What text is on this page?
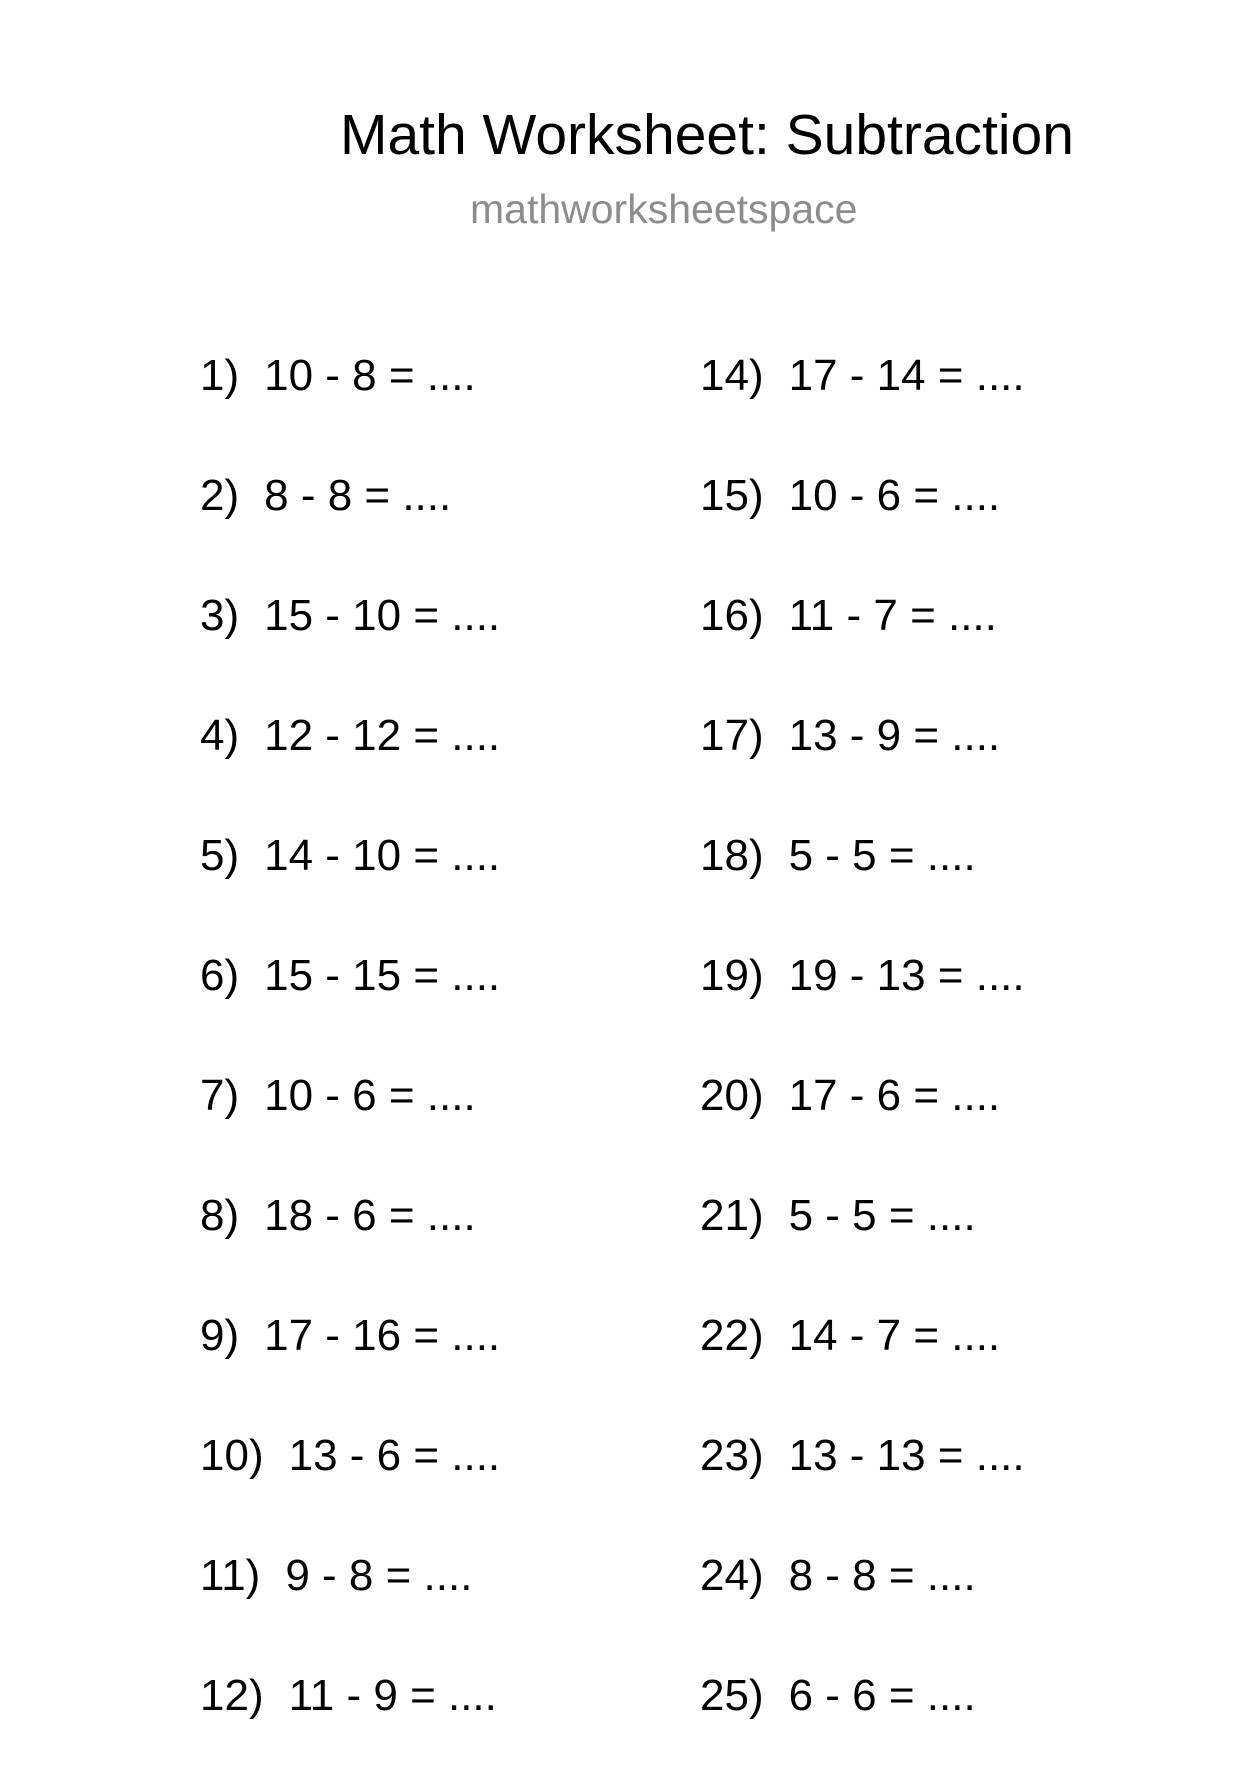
Math Worksheet: Subtraction
mathworksheetspace
1) 10 - 8 = ....
2) 8 - 8 = ....
3) 15 - 10 = ....
4) 12 - 12 = ....
5) 14 - 10 = ....
6) 15 - 15 = ....
7) 10 - 6 = ....
8) 18 - 6 = ....
9) 17 - 16 = ....
10) 13 - 6 = ....
11) 9 - 8 = ....
12) 11 - 9 = ....
14) 17 - 14 = ....
15) 10 - 6 = ....
16) 11 - 7 = ....
17) 13 - 9 = ....
18) 5 - 5 = ....
19) 19 - 13 = ....
20) 17 - 6 = ....
21) 5 - 5 = ....
22) 14 - 7 = ....
23) 13 - 13 = ....
24) 8 - 8 = ....
25) 6 - 6 = ....
